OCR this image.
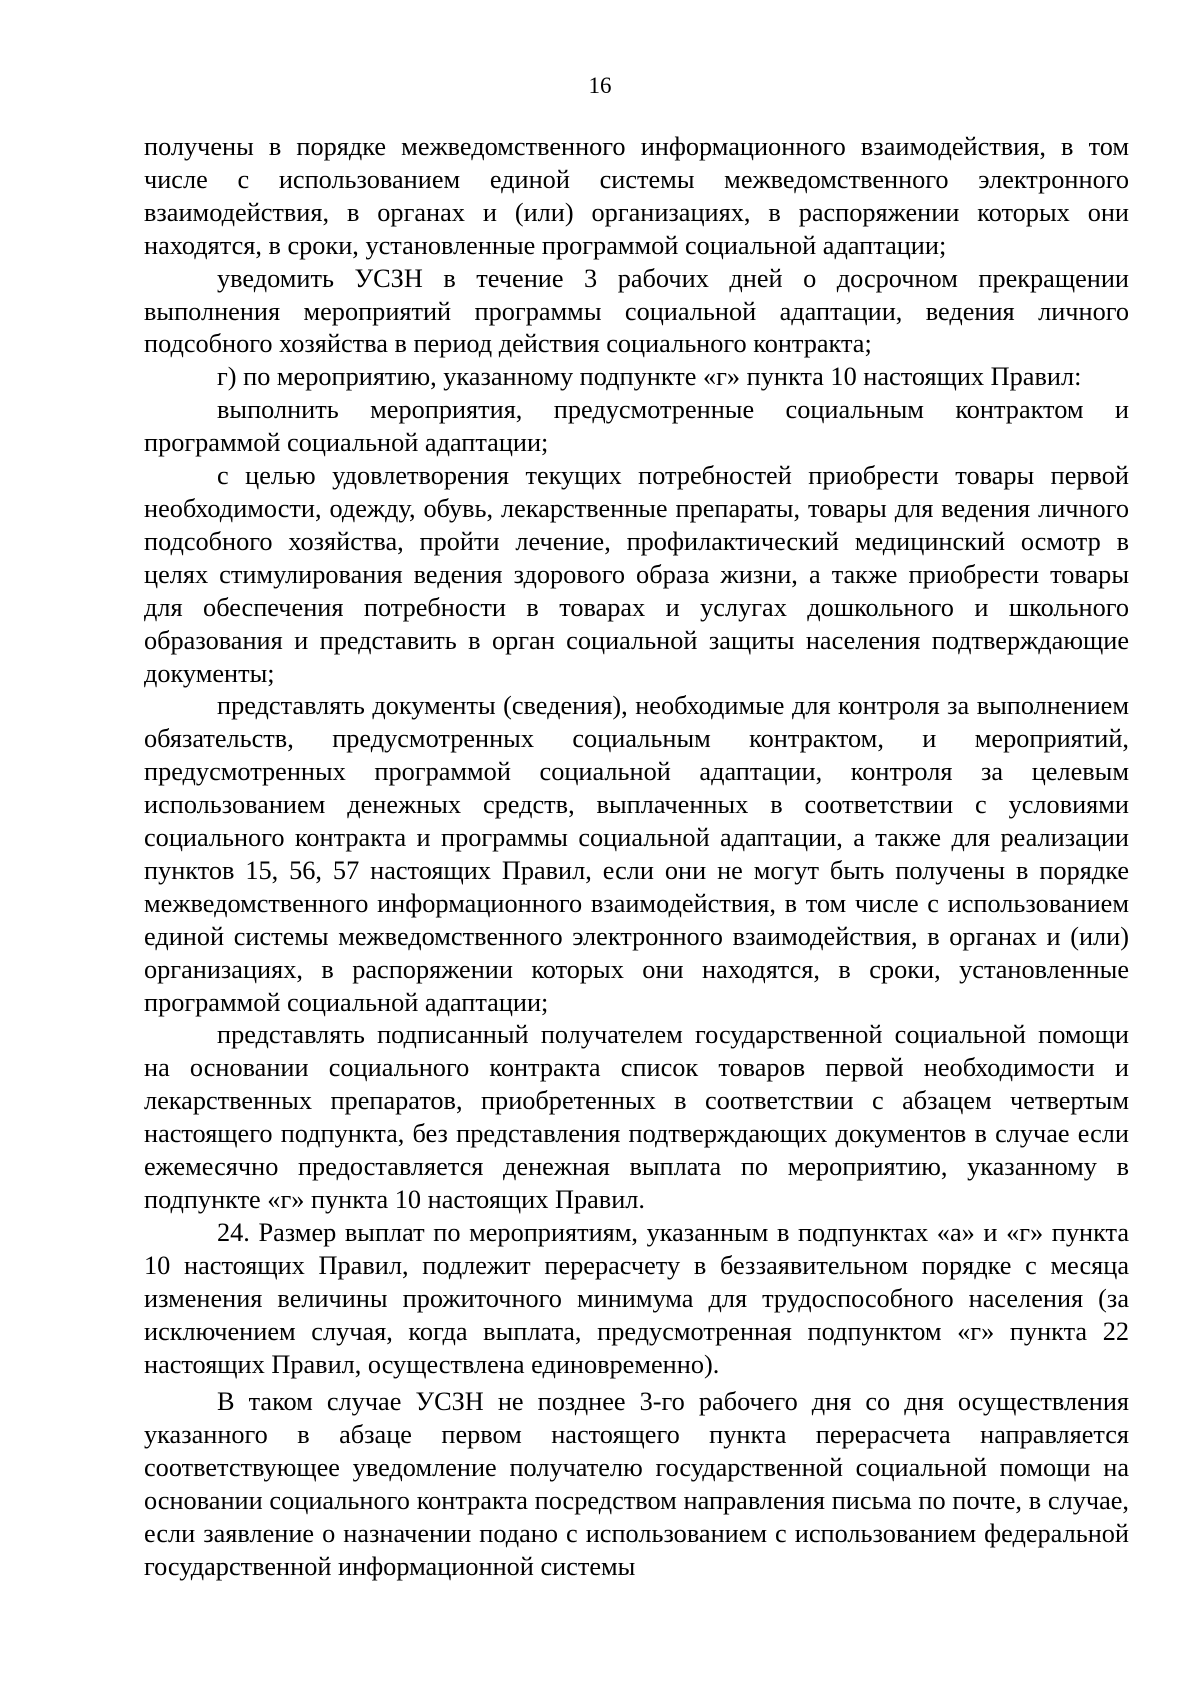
16

получены в порядке межведомственного информационного взаимодействия, в том числе с использованием единой системы межведомственного электронного взаимодействия, в органах и (или) организациях, в распоряжении которых они находятся, в сроки, установленные программой социальной адаптации;

уведомить УСЗН в течение 3 рабочих дней о досрочном прекращении выполнения мероприятий программы социальной адаптации, ведения личного подсобного хозяйства в период действия социального контракта;

г) по мероприятию, указанному подпункте «г» пункта 10 настоящих Правил:

выполнить мероприятия, предусмотренные социальным контрактом и программой социальной адаптации;

с целью удовлетворения текущих потребностей приобрести товары первой необходимости, одежду, обувь, лекарственные препараты, товары для ведения личного подсобного хозяйства, пройти лечение, профилактический медицинский осмотр в целях стимулирования ведения здорового образа жизни, а также приобрести товары для обеспечения потребности в товарах и услугах дошкольного и школьного образования и представить в орган социальной защиты населения подтверждающие документы;

представлять документы (сведения), необходимые для контроля за выполнением обязательств, предусмотренных социальным контрактом, и мероприятий, предусмотренных программой социальной адаптации, контроля за целевым использованием денежных средств, выплаченных в соответствии с условиями социального контракта и программы социальной адаптации, а также для реализации пунктов 15, 56, 57 настоящих Правил, если они не могут быть получены в порядке межведомственного информационного взаимодействия, в том числе с использованием единой системы межведомственного электронного взаимодействия, в органах и (или) организациях, в распоряжении которых они находятся, в сроки, установленные программой социальной адаптации;

представлять подписанный получателем государственной социальной помощи на основании социального контракта список товаров первой необходимости и лекарственных препаратов, приобретенных в соответствии с абзацем четвертым настоящего подпункта, без представления подтверждающих документов в случае если ежемесячно предоставляется денежная выплата по мероприятию, указанному в подпункте «г» пункта 10 настоящих Правил.

24. Размер выплат по мероприятиям, указанным в подпунктах «а» и «г» пункта 10 настоящих Правил, подлежит перерасчету в беззаявительном порядке с месяца изменения величины прожиточного минимума для трудоспособного населения (за исключением случая, когда выплата, предусмотренная подпунктом «г» пункта 22 настоящих Правил, осуществлена единовременно).

В таком случае УСЗН не позднее 3-го рабочего дня со дня осуществления указанного в абзаце первом настоящего пункта перерасчета направляется соответствующее уведомление получателю государственной социальной помощи на основании социального контракта посредством направления письма по почте, в случае, если заявление о назначении подано с использованием с использованием федеральной государственной информационной системы
